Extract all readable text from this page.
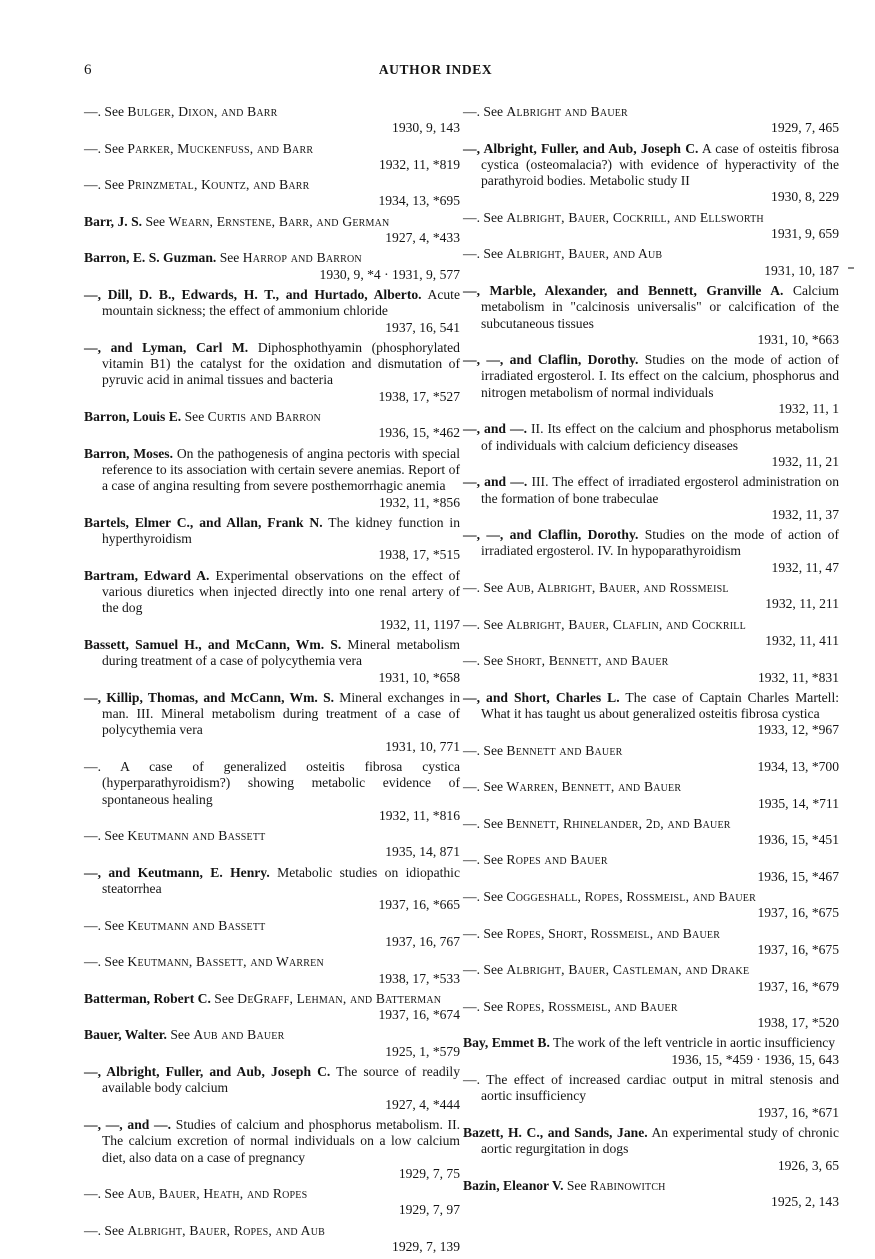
6	AUTHOR INDEX
—. See Bulger, Dixon, and Barr
1930, 9, 143
—. See Parker, Muckenfuss, and Barr
1932, 11, *819
—. See Prinzmetal, Kountz, and Barr
1934, 13, *695
Barr, J. S. See Wearn, Ernstene, Barr, and German
1927, 4, *433
Barron, E. S. Guzman. See Harrop and Barron
1930, 9, *4 · 1931, 9, 577
—, Dill, D. B., Edwards, H. T., and Hurtado, Alberto. Acute mountain sickness; the effect of ammonium chloride
1937, 16, 541
—, and Lyman, Carl M. Diphosphothyamin (phosphorylated vitamin B1) the catalyst for the oxidation and dismutation of pyruvic acid in animal tissues and bacteria
1938, 17, *527
Barron, Louis E. See Curtis and Barron
1936, 15, *462
Barron, Moses. On the pathogenesis of angina pectoris with special reference to its association with certain severe anemias. Report of a case of angina resulting from severe posthemorrhagic anemia
1932, 11, *856
Bartels, Elmer C., and Allan, Frank N. The kidney function in hyperthyroidism
1938, 17, *515
Bartram, Edward A. Experimental observations on the effect of various diuretics when injected directly into one renal artery of the dog
1932, 11, 1197
Bassett, Samuel H., and McCann, Wm. S. Mineral metabolism during treatment of a case of polycythemia vera
1931, 10, *658
—, Killip, Thomas, and McCann, Wm. S. Mineral exchanges in man. III. Mineral metabolism during treatment of a case of polycythemia vera
1931, 10, 771
—. A case of generalized osteitis fibrosa cystica (hyperparathyroidism?) showing metabolic evidence of spontaneous healing
1932, 11, *816
—. See Keutmann and Bassett
1935, 14, 871
—, and Keutmann, E. Henry. Metabolic studies on idiopathic steatorrhea
1937, 16, *665
—. See Keutmann and Bassett
1937, 16, 767
—. See Keutmann, Bassett, and Warren
1938, 17, *533
Batterman, Robert C. See DeGraff, Lehman, and Batterman
1937, 16, *674
Bauer, Walter. See Aub and Bauer
1925, 1, *579
—, Albright, Fuller, and Aub, Joseph C. The source of readily available body calcium
1927, 4, *444
—, —, and —. Studies of calcium and phosphorus metabolism. II. The calcium excretion of normal individuals on a low calcium diet, also data on a case of pregnancy
1929, 7, 75
—. See Aub, Bauer, Heath, and Ropes
1929, 7, 97
—. See Albright, Bauer, Ropes, and Aub
1929, 7, 139
—. See Albright and Bauer
1929, 7, 465
—, Albright, Fuller, and Aub, Joseph C. A case of osteitis fibrosa cystica (osteomalacia?) with evidence of hyperactivity of the parathyroid bodies. Metabolic study II
1930, 8, 229
—. See Albright, Bauer, Cockrill, and Ellsworth
1931, 9, 659
—. See Albright, Bauer, and Aub
1931, 10, 187
—, Marble, Alexander, and Bennett, Granville A. Calcium metabolism in "calcinosis universalis" or calcification of the subcutaneous tissues
1931, 10, *663
—, —, and Claflin, Dorothy. Studies on the mode of action of irradiated ergosterol. I. Its effect on the calcium, phosphorus and nitrogen metabolism of normal individuals
1932, 11, 1
—, and —. II. Its effect on the calcium and phosphorus metabolism of individuals with calcium deficiency diseases
1932, 11, 21
—, and —. III. The effect of irradiated ergosterol administration on the formation of bone trabeculae
1932, 11, 37
—, —, and Claflin, Dorothy. Studies on the mode of action of irradiated ergosterol. IV. In hypoparathyroidism
1932, 11, 47
—. See Aub, Albright, Bauer, and Rossmeisl
1932, 11, 211
—. See Albright, Bauer, Claflin, and Cockrill
1932, 11, 411
—. See Short, Bennett, and Bauer
1932, 11, *831
—, and Short, Charles L. The case of Captain Charles Martell: What it has taught us about generalized osteitis fibrosa cystica
1933, 12, *967
—. See Bennett and Bauer
1934, 13, *700
—. See Warren, Bennett, and Bauer
1935, 14, *711
—. See Bennett, Rhinelander, 2d, and Bauer
1936, 15, *451
—. See Ropes and Bauer
1936, 15, *467
—. See Coggeshall, Ropes, Rossmeisl, and Bauer
1937, 16, *675
—. See Ropes, Short, Rossmeisl, and Bauer
1937, 16, *675
—. See Albright, Bauer, Castleman, and Drake
1937, 16, *679
—. See Ropes, Rossmeisl, and Bauer
1938, 17, *520
Bay, Emmet B. The work of the left ventricle in aortic insufficiency
1936, 15, *459 · 1936, 15, 643
—. The effect of increased cardiac output in mitral stenosis and aortic insufficiency
1937, 16, *671
Bazett, H. C., and Sands, Jane. An experimental study of chronic aortic regurgitation in dogs
1926, 3, 65
Bazin, Eleanor V. See Rabinowitch
1925, 2, 143
